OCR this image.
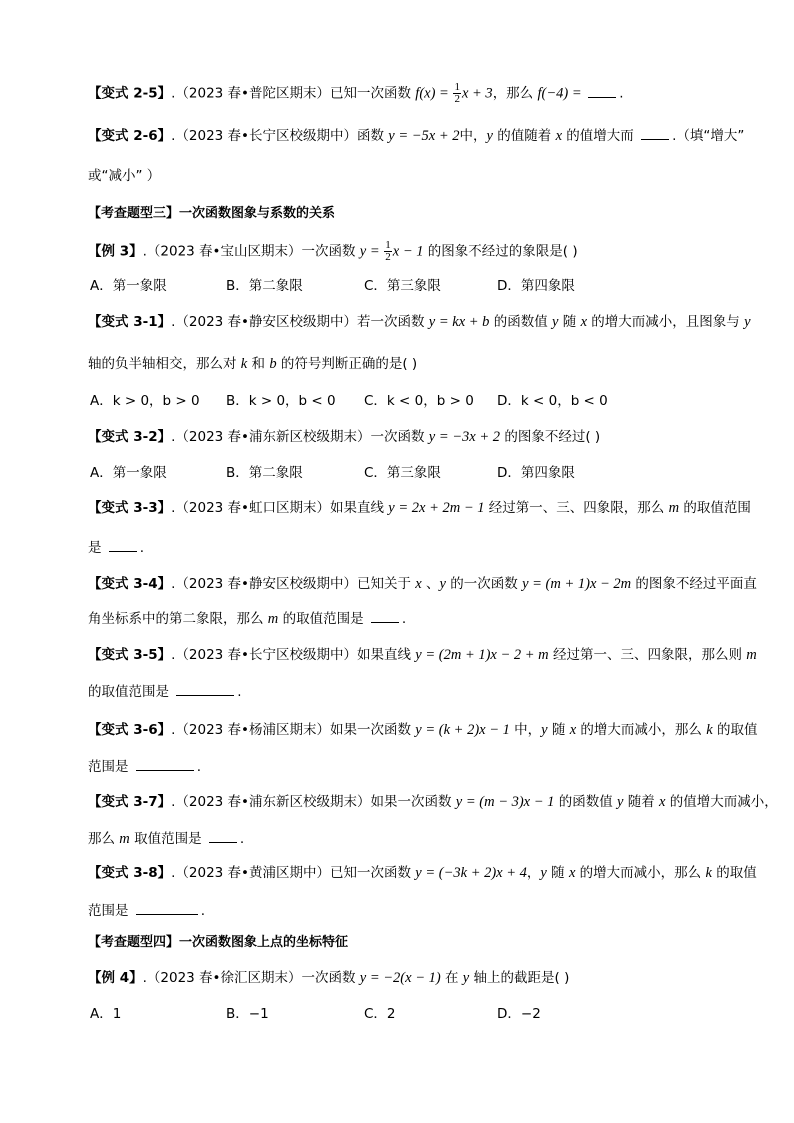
【变式 2-5】.（2023 春•普陀区期末）已知一次函数 $f(x) = \frac{1}{2}$ x + 3，那么 f(−4) =	.
【变式 2-6】.（2023 春•长宁区校级期中）函数 y = −5x + 2中，y 的值随着 x 的值增大而	.（填“增大”
或“减小” ）
【考查题型三】一次函数图象与系数的关系
【例 3】.（2023 春•宝山区期末）一次函数 $y = \frac{1}{2}$ x − 1 的图象不经过的象限是( )
A．第一象限	B．第二象限	C．第三象限	D．第四象限
【变式 3-1】.（2023 春•静安区校级期中）若一次函数 y = kx + b 的函数值 y 随 x 的增大而减小，且图象与 y
轴的负半轴相交，那么对 k 和 b 的符号判断正确的是( )
A．k > 0，b > 0 B．k > 0，b < 0 C．k < 0，b > 0 D．k < 0，b < 0
【变式 3-2】.（2023 春•浦东新区校级期末）一次函数 y = −3x + 2 的图象不经过( )
A．第一象限	B．第二象限	C．第三象限	D．第四象限
【变式 3-3】.（2023 春•虹口区期末）如果直线 y = 2x + 2m − 1 经过第一、三、四象限，那么 m 的取值范围
是	.
【变式 3-4】.（2023 春•静安区校级期中）已知关于 x 、y 的一次函数 y = (m + 1)x − 2m 的图象不经过平面直
角坐标系中的第二象限，那么 m 的取值范围是	.
【变式 3-5】.（2023 春•长宁区校级期中）如果直线 y = (2m + 1)x − 2 + m 经过第一、三、四象限，那么则 m
的取值范围是	.
【变式 3-6】.（2023 春•杨浦区期末）如果一次函数 y = (k + 2)x − 1 中，y 随 x 的增大而减小，那么 k 的取值
范围是	.
【变式 3-7】.（2023 春•浦东新区校级期末）如果一次函数 y = (m − 3)x − 1 的函数值 y 随着 x 的值增大而减小，
那么 m 取值范围是	.
【变式 3-8】.（2023 春•黄浦区期中）已知一次函数 y = (−3k + 2)x + 4，y 随 x 的增大而减小，那么 k 的取值
范围是	.
【考查题型四】一次函数图象上点的坐标特征
【例 4】.（2023 春•徐汇区期末）一次函数 y = −2(x − 1) 在 y 轴上的截距是( )
A．1	B．−1	C．2	D．−2
